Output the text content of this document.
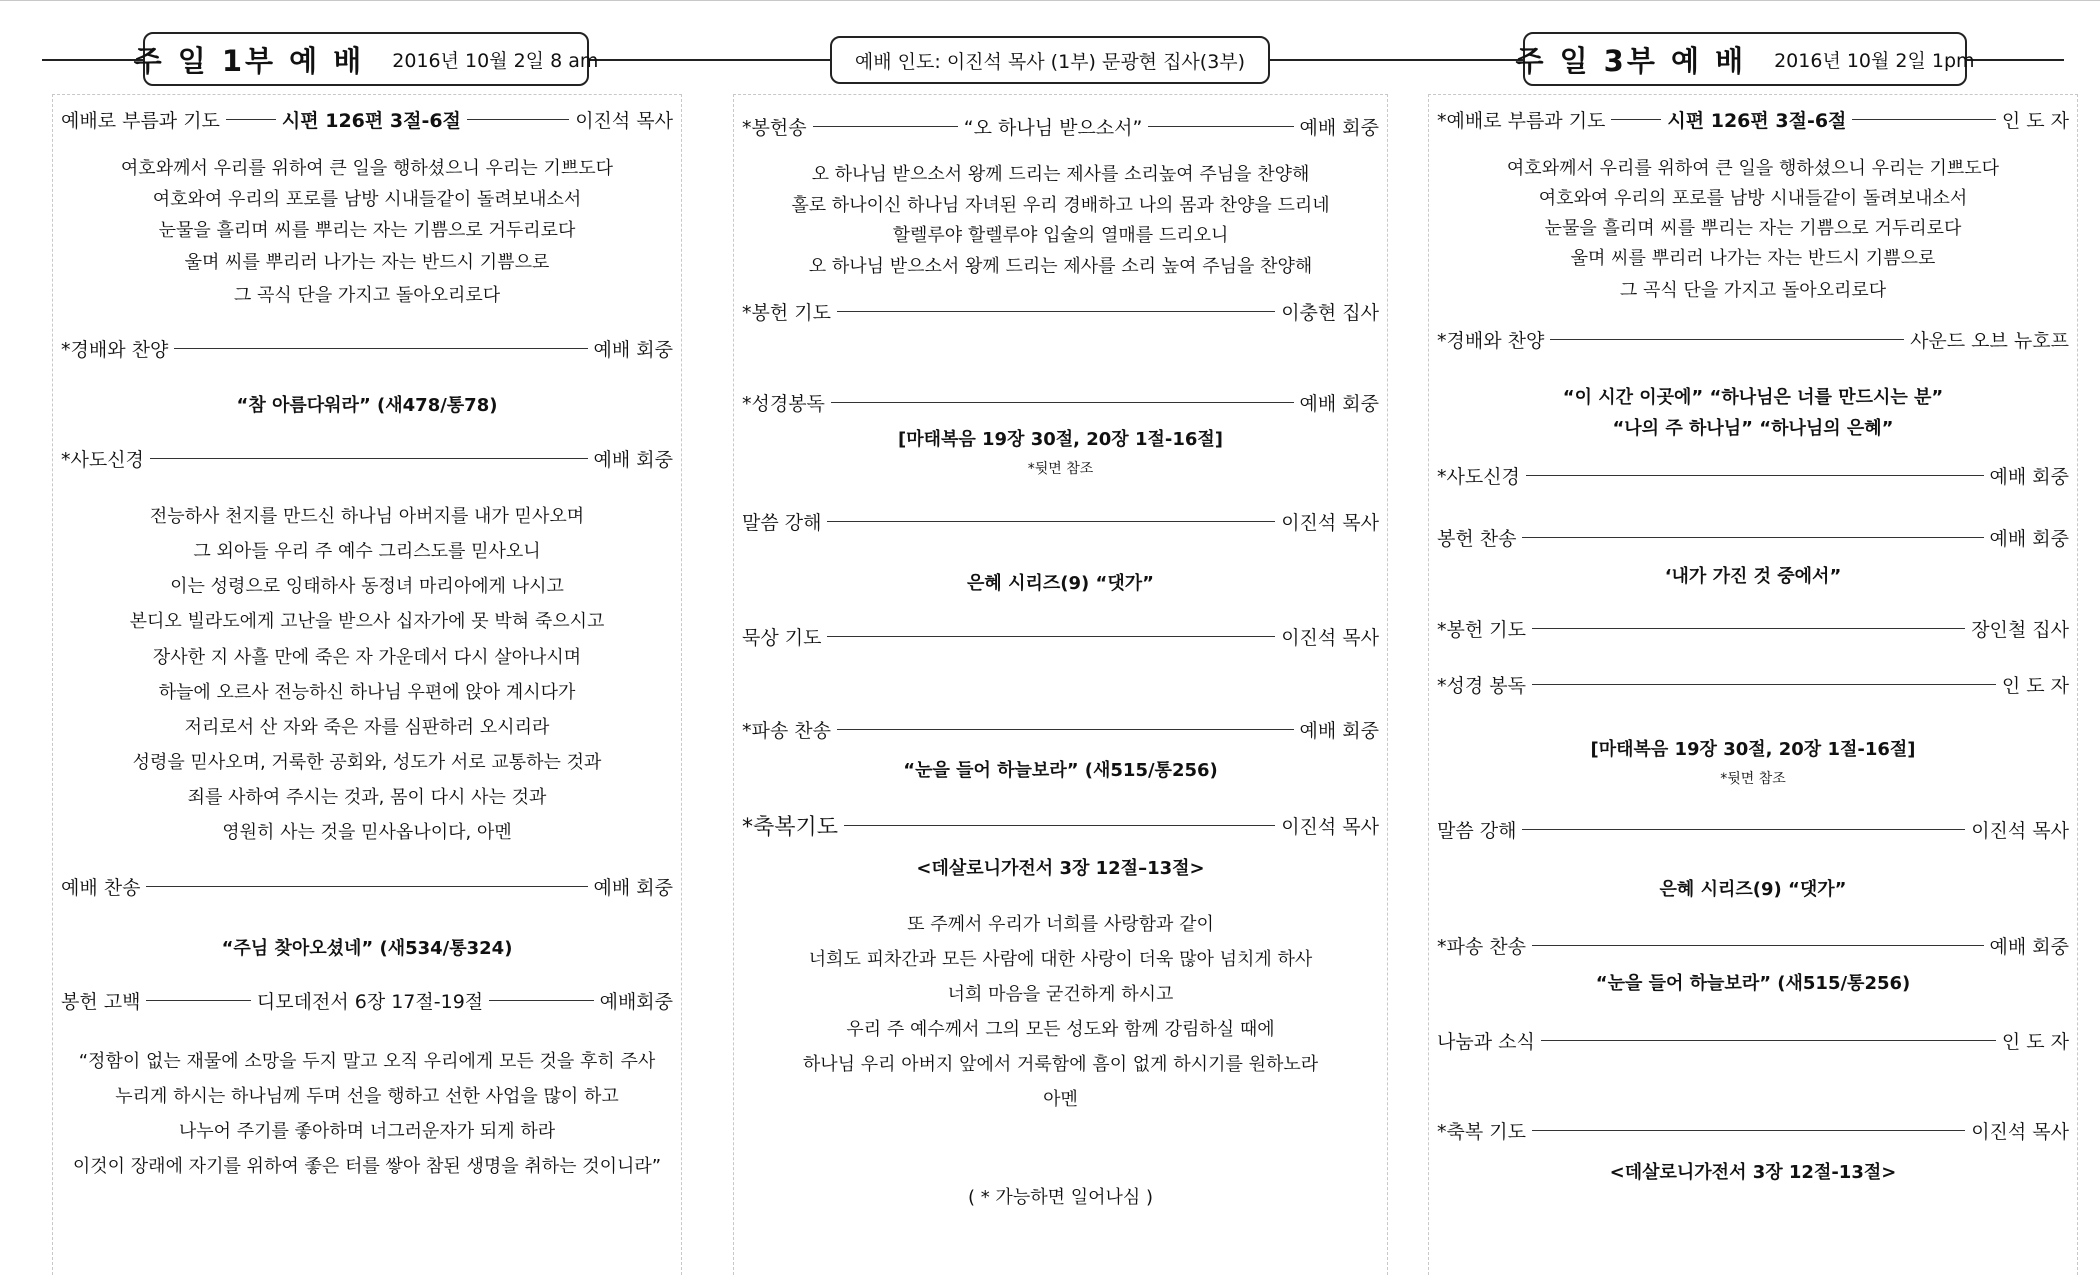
주 일 1부 예 배 2016년 10월 2일 8 am	예배 인도: 이진석 목사 (1부) 문광현 집사(3부)	주 일 3부 예 배 2016년 10월 2일 1pm
예배로 부름과 기도	시편 126편 3절-6절	이진석 목사
여호와께서 우리를 위하여 큰 일을 행하셨으니 우리는 기쁘도다
여호와여 우리의 포로를 남방 시내들같이 돌려보내소서
눈물을 흘리며 씨를 뿌리는 자는 기쁨으로 거두리로다
울며 씨를 뿌리러 나가는 자는 반드시 기쁨으로
그 곡식 단을 가지고 돌아오리로다
*경배와 찬양	예배 회중
“참 아름다워라” (새478/통78)
*사도신경	예배 회중
전능하사 천지를 만드신 하나님 아버지를 내가 믿사오며
그 외아들 우리 주 예수 그리스도를 믿사오니
이는 성령으로 잉태하사 동정녀 마리아에게 나시고
본디오 빌라도에게 고난을 받으사 십자가에 못 박혀 죽으시고
장사한 지 사흘 만에 죽은 자 가운데서 다시 살아나시며
하늘에 오르사 전능하신 하나님 우편에 앉아 계시다가
저리로서 산 자와 죽은 자를 심판하러 오시리라
성령을 믿사오며, 거룩한 공회와, 성도가 서로 교통하는 것과
죄를 사하여 주시는 것과, 몸이 다시 사는 것과
영원히 사는 것을 믿사옵나이다, 아멘
예배 찬송	예배 회중
“주님 찾아오셨네” (새534/통324)
봉헌 고백	디모데전서 6장 17절-19절	예배회중
“정함이 없는 재물에 소망을 두지 말고 오직 우리에게 모든 것을 후히 주사
누리게 하시는 하나님께 두며 선을 행하고 선한 사업을 많이 하고
나누어 주기를 좋아하며 너그러운자가 되게 하라
이것이 장래에 자기를 위하여 좋은 터를 쌓아 참된 생명을 취하는 것이니라”
*봉헌송	“오 하나님 받으소서”	예배 회중
오 하나님 받으소서 왕께 드리는 제사를 소리높여 주님을 찬양해
홀로 하나이신 하나님 자녀된 우리 경배하고 나의 몸과 찬양을 드리네
할렐루야 할렐루야 입술의 열매를 드리오니
오 하나님 받으소서 왕께 드리는 제사를 소리 높여 주님을 찬양해
*봉헌 기도	이충현 집사
*성경봉독	예배 회중
[마태복음 19장 30절, 20장 1절-16절]
*뒷면 참조
말씀 강해	이진석 목사
은혜 시리즈(9) “댓가”
묵상 기도	이진석 목사
*파송 찬송	예배 회중
“눈을 들어 하늘보라” (새515/통256)
*축복기도	이진석 목사
<데살로니가전서 3장 12절–13절>
또 주께서 우리가 너희를 사랑함과 같이
너희도 피차간과 모든 사람에 대한 사랑이 더욱 많아 넘치게 하사
너희 마음을 굳건하게 하시고
우리 주 예수께서 그의 모든 성도와 함께 강림하실 때에
하나님 우리 아버지 앞에서 거룩함에 흠이 없게 하시기를 원하노라
아멘
( * 가능하면 일어나심 )
*예배로 부름과 기도	시편 126편 3절-6절	인 도 자
여호와께서 우리를 위하여 큰 일을 행하셨으니 우리는 기쁘도다
여호와여 우리의 포로를 남방 시내들같이 돌려보내소서
눈물을 흘리며 씨를 뿌리는 자는 기쁨으로 거두리로다
울며 씨를 뿌리러 나가는 자는 반드시 기쁨으로
그 곡식 단을 가지고 돌아오리로다
*경배와 찬양	사운드 오브 뉴호프
“이 시간 이곳에” “하나님은 너를 만드시는 분”
“나의 주 하나님” “하나님의 은혜”
*사도신경	예배 회중
봉헌 찬송	예배 회중
‘내가 가진 것 중에서”
*봉헌 기도	장인철 집사
*성경 봉독	인 도 자
[마태복음 19장 30절, 20장 1절-16절]
*뒷면 참조
말씀 강해	이진석 목사
은혜 시리즈(9) “댓가”
*파송 찬송	예배 회중
“눈을 들어 하늘보라” (새515/통256)
나눔과 소식	인 도 자
*축복 기도	이진석 목사
<데살로니가전서 3장 12절-13절>
